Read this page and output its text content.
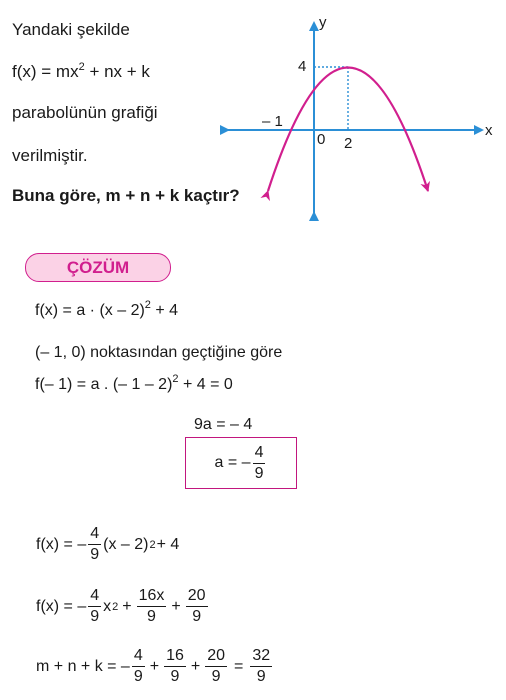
Yandaki şekilde
$f(x) = mx^2$ + nx + k
parabolünün grafiği
verilmiştir.
Buna göre, m + n + k kaçtır?
y
x
4
2
0
– 1
ÇÖZÜM
f(x) = a · (x – 2)$^2$ + 4
(– 1, 0) noktasından geçtiğine göre
f(– 1) = a . (– 1 – 2)$^2$ + 4 = 0
9a = – 4
a = – $\frac{4}{9}$
f(x) = – $\frac{4}{9} (x - 2) 2 + 4$
f(x) = – $\frac{4}{9}$ x $2 + \frac{16x}{9} + \frac{20}{9}$
m + n + k = – $\frac{4}{9} + \frac{16}{9} + \frac{20}{9} = \frac{32}{9}$
